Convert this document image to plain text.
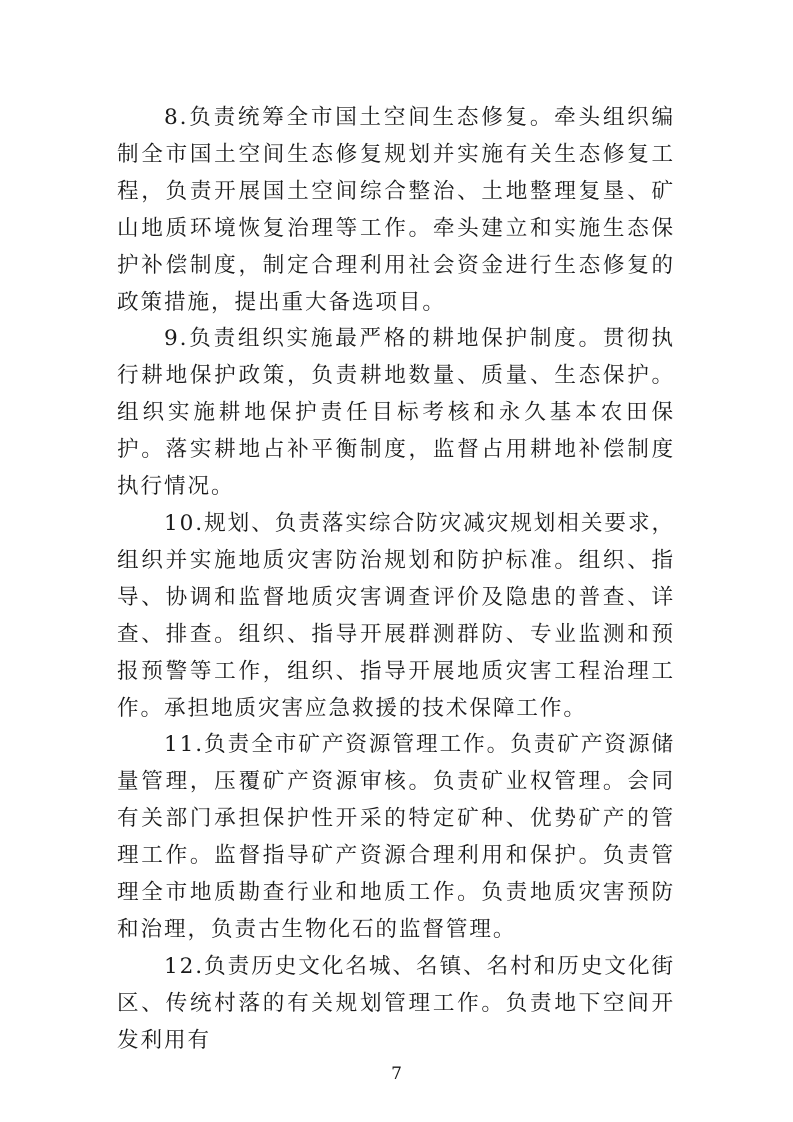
8.负责统筹全市国土空间生态修复。牵头组织编制全市国土空间生态修复规划并实施有关生态修复工程，负责开展国土空间综合整治、土地整理复垦、矿山地质环境恢复治理等工作。牵头建立和实施生态保护补偿制度，制定合理利用社会资金进行生态修复的政策措施，提出重大备选项目。

9.负责组织实施最严格的耕地保护制度。贯彻执行耕地保护政策，负责耕地数量、质量、生态保护。组织实施耕地保护责任目标考核和永久基本农田保护。落实耕地占补平衡制度，监督占用耕地补偿制度执行情况。

10.规划、负责落实综合防灾减灾规划相关要求，组织并实施地质灾害防治规划和防护标准。组织、指导、协调和监督地质灾害调查评价及隐患的普查、详查、排查。组织、指导开展群测群防、专业监测和预报预警等工作，组织、指导开展地质灾害工程治理工作。承担地质灾害应急救援的技术保障工作。

11.负责全市矿产资源管理工作。负责矿产资源储量管理，压覆矿产资源审核。负责矿业权管理。会同有关部门承担保护性开采的特定矿种、优势矿产的管理工作。监督指导矿产资源合理利用和保护。负责管理全市地质勘查行业和地质工作。负责地质灾害预防和治理，负责古生物化石的监督管理。

12.负责历史文化名城、名镇、名村和历史文化街区、传统村落的有关规划管理工作。负责地下空间开发利用有

7
